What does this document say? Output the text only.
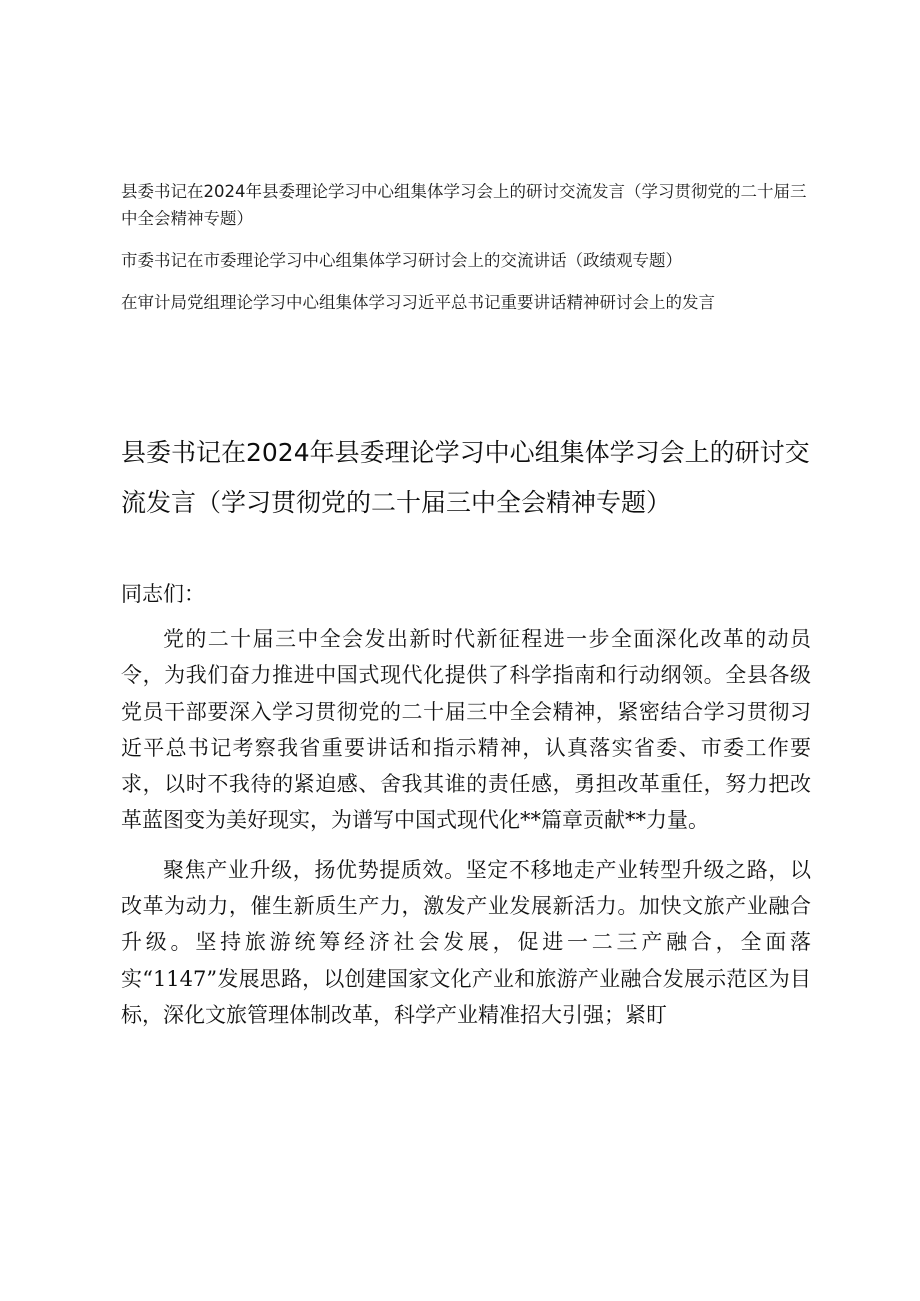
县委书记在2024年县委理论学习中心组集体学习会上的研讨交流发言（学习贯彻党的二十届三中全会精神专题）

市委书记在市委理论学习中心组集体学习研讨会上的交流讲话（政绩观专题）

在审计局党组理论学习中心组集体学习习近平总书记重要讲话精神研讨会上的发言

县委书记在2024年县委理论学习中心组集体学习会上的研讨交流发言（学习贯彻党的二十届三中全会精神专题）

同志们：

党的二十届三中全会发出新时代新征程进一步全面深化改革的动员令，为我们奋力推进中国式现代化提供了科学指南和行动纲领。全县各级党员干部要深入学习贯彻党的二十届三中全会精神，紧密结合学习贯彻习近平总书记考察我省重要讲话和指示精神，认真落实省委、市委工作要求，以时不我待的紧迫感、舍我其谁的责任感，勇担改革重任，努力把改革蓝图变为美好现实，为谱写中国式现代化**篇章贡献**力量。

聚焦产业升级，扬优势提质效。坚定不移地走产业转型升级之路，以改革为动力，催生新质生产力，激发产业发展新活力。加快文旅产业融合升级。坚持旅游统筹经济社会发展，促进一二三产融合，全面落实“1147”发展思路，以创建国家文化产业和旅游产业融合发展示范区为目标，深化文旅管理体制改革，科学产业精准招大引强；紧盯
